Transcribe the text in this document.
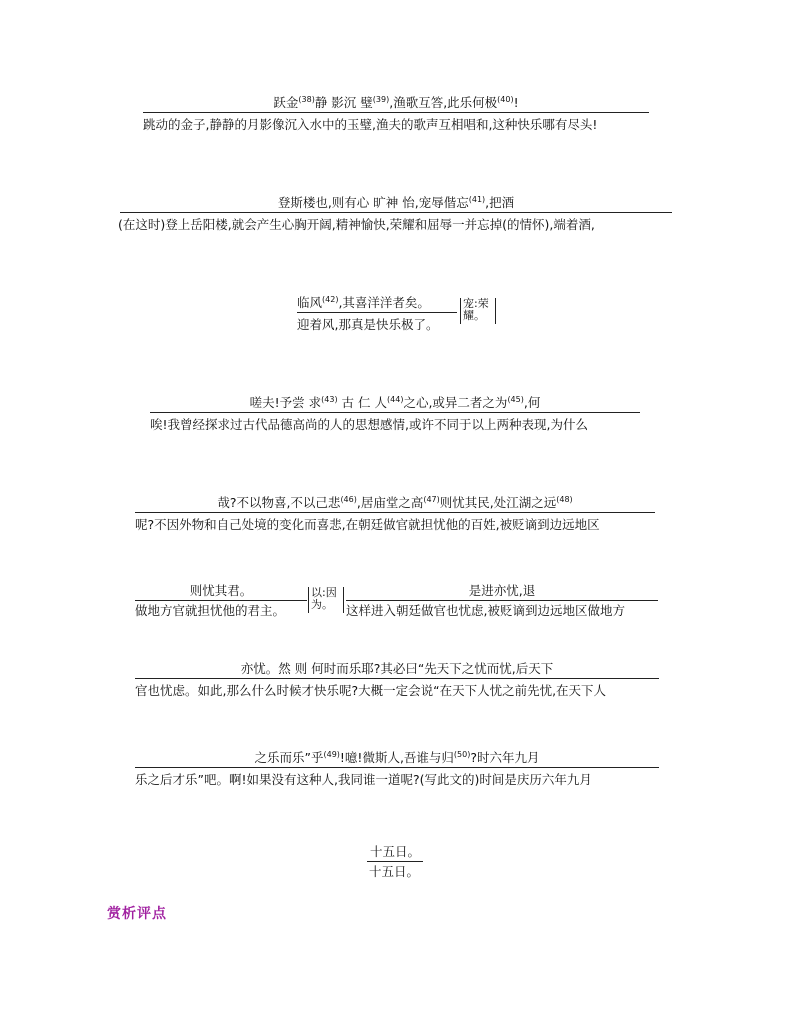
跃金$^{(38)}$静 影沉 璧$^{(39)}$,渔歌互答,此乐何极$^{(40)}$!
跳动的金子,静静的月影像沉入水中的玉璧,渔夫的歌声互相唱和,这种快乐哪有尽头!
登斯楼也,则有心 旷神 怡,宠辱偕忘$^{(41)}$,把酒
(在这时)登上岳阳楼,就会产生心胸开阔,精神愉快,荣耀和屈辱一并忘掉(的情怀),端着酒,
临风$^{(42)}$,其喜洋洋者矣。
迎着风,那真是快乐极了。
宠:荣耀。
嗟夫!予尝 求$^{(43)}$ 古 仁 人$^{(44)}$之心,或异二者之为$^{(45)}$,何
唉!我曾经探求过古代品德高尚的人的思想感情,或许不同于以上两种表现,为什么
哉?不以物喜,不以己悲$^{(46)}$,居庙堂之高$^{(47)}$则忧其民,处江湖之远$^{(48)}$
呢?不因外物和自己处境的变化而喜悲,在朝廷做官就担忧他的百姓,被贬谪到边远地区
则忧其君。
做地方官就担忧他的君主。
以:因为。
是进亦忧,退
这样进入朝廷做官也忧虑,被贬谪到边远地区做地方
亦忧。然 则 何时而乐耶?其必曰“先天下之忧而忧,后天下
官也忧虑。如此,那么什么时候才快乐呢?大概一定会说“在天下人忧之前先忧,在天下人
之乐而乐”乎$^{(49)}$!噫!微斯人,吾谁与归$^{(50)}$?时六年九月
乐之后才乐”吧。啊!如果没有这种人,我同谁一道呢?(写此文的)时间是庆历六年九月
十五日。
十五日。
赏析评点
